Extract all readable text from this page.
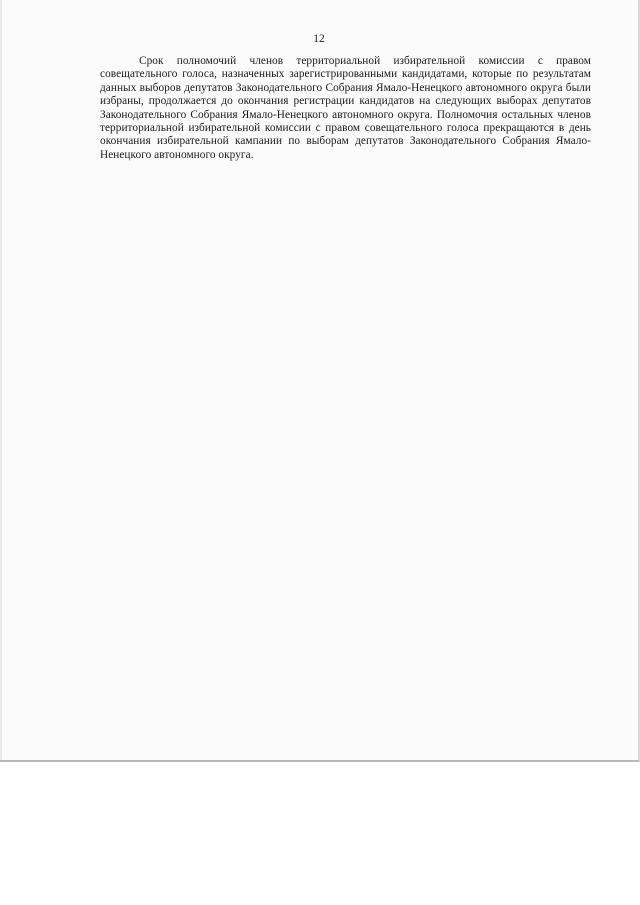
12

Срок полномочий членов территориальной избирательной комиссии с правом совещательного голоса, назначенных зарегистрированными кандидатами, которые по результатам данных выборов депутатов Законодательного Собрания Ямало-Ненецкого автономного округа были избраны, продолжается до окончания регистрации кандидатов на следующих выборах депутатов Законодательного Собрания Ямало-Ненецкого автономного округа. Полномочия остальных членов территориальной избирательной комиссии с правом совещательного голоса прекращаются в день окончания избирательной кампании по выборам депутатов Законодательного Собрания Ямало-Ненецкого автономного округа.
